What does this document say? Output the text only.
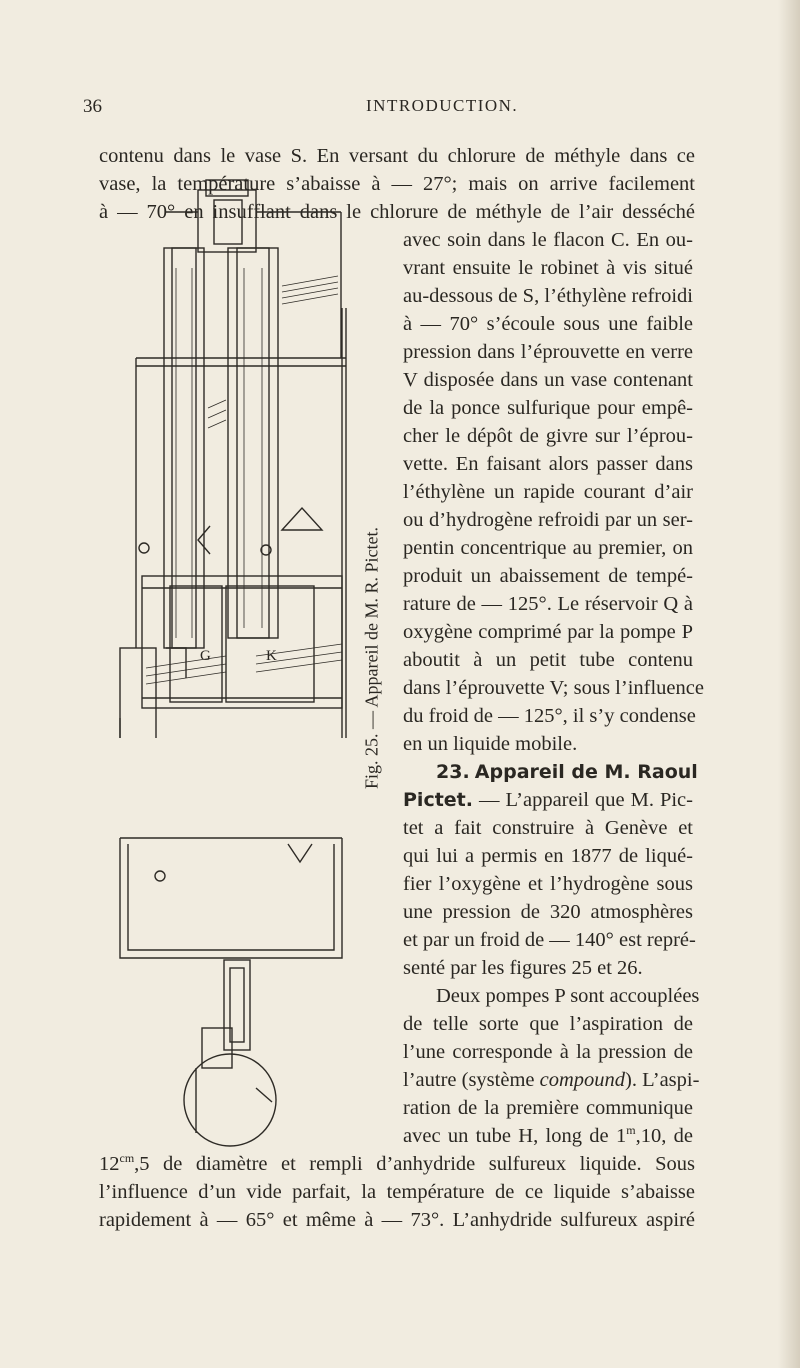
36	INTRODUCTION.
contenu dans le vase S. En versant du chlorure de méthyle dans ce
vase, la température s’abaisse à — 27°; mais on arrive facilement
à — 70° en insufflant dans le chlorure de méthyle de l’air desséché
avec soin dans le flacon C. En ou-
vrant ensuite le robinet à vis situé
au-dessous de S, l’éthylène refroidi
à — 70° s’écoule sous une faible
pression dans l’éprouvette en verre
V disposée dans un vase contenant
de la ponce sulfurique pour empê-
cher le dépôt de givre sur l’éprou-
vette. En faisant alors passer dans
l’éthylène un rapide courant d’air
ou d’hydrogène refroidi par un ser-
pentin concentrique au premier, on
produit un abaissement de tempé-
rature de — 125°. Le réservoir Q à
oxygène comprimé par la pompe P
aboutit à un petit tube contenu
dans l’éprouvette V; sous l’influence
du froid de — 125°, il s’y condense
en un liquide mobile.
23. Appareil de M. Raoul
Pictet. — L’appareil que M. Pic-
tet a fait construire à Genève et
qui lui a permis en 1877 de liqué-
fier l’oxygène et l’hydrogène sous
une pression de 320 atmosphères
et par un froid de — 140° est repré-
senté par les figures 25 et 26.
Deux pompes P sont accouplées
de telle sorte que l’aspiration de
l’une corresponde à la pression de
l’autre (système compound). L’aspi-
ration de la première communique
avec un tube H, long de 1$^m$,10, de
$12^{cm},5$ de diamètre et rempli d’anhydride sulfureux liquide. Sous
l’influence d’un vide parfait, la température de ce liquide s’abaisse
rapidement à — 65° et même à — 73°. L’anhydride sulfureux aspiré
G	K	Fig. 25. — Appareil de M. R. Pictet.
